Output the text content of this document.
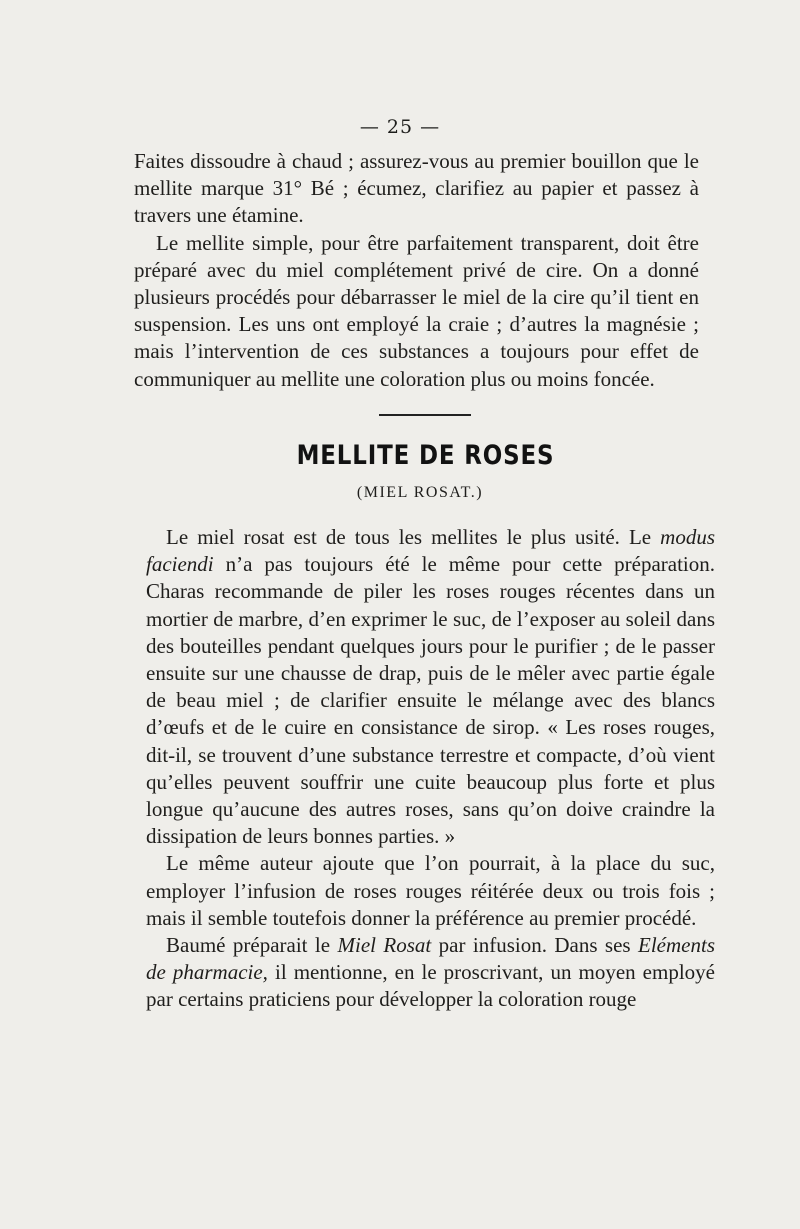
— 25 —

Faites dissoudre à chaud ; assurez-vous au premier bouillon que le mellite marque 31° Bé ; écumez, clarifiez au papier et passez à travers une étamine.

Le mellite simple, pour être parfaitement transparent, doit être préparé avec du miel complétement privé de cire. On a donné plusieurs procédés pour débarrasser le miel de la cire qu’il tient en suspension. Les uns ont employé la craie ; d’autres la magnésie ; mais l’intervention de ces substances a toujours pour effet de communiquer au mellite une coloration plus ou moins foncée.

MELLITE DE ROSES
(MIEL ROSAT.)

Le miel rosat est de tous les mellites le plus usité. Le modus faciendi n’a pas toujours été le même pour cette préparation. Charas recommande de piler les roses rouges récentes dans un mortier de marbre, d’en exprimer le suc, de l’exposer au soleil dans des bouteilles pendant quelques jours pour le purifier ; de le passer ensuite sur une chausse de drap, puis de le mêler avec partie égale de beau miel ; de clarifier ensuite le mélange avec des blancs d’œufs et de le cuire en consistance de sirop. « Les roses rouges, dit-il, se trouvent d’une substance terrestre et compacte, d’où vient qu’elles peuvent souffrir une cuite beaucoup plus forte et plus longue qu’aucune des autres roses, sans qu’on doive craindre la dissipation de leurs bonnes parties. »

Le même auteur ajoute que l’on pourrait, à la place du suc, employer l’infusion de roses rouges réitérée deux ou trois fois ; mais il semble toutefois donner la préférence au premier procédé.

Baumé préparait le Miel Rosat par infusion. Dans ses Eléments de pharmacie, il mentionne, en le proscrivant, un moyen employé par certains praticiens pour développer la coloration rouge
